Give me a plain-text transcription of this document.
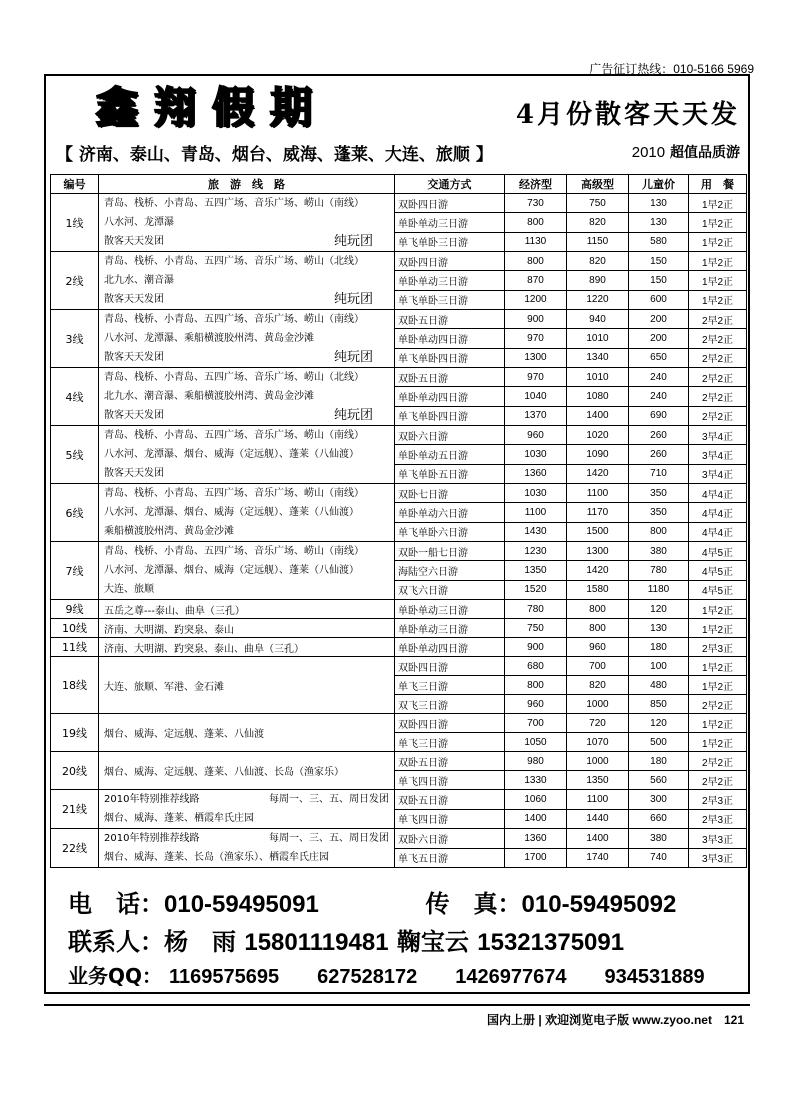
广告征订热线：010-5166 5969
鑫翔假期	4月份散客天天发
【 济南、泰山、青岛、烟台、威海、蓬莱、大连、旅顺 】	2010 超值品质游
编号	旅　游　线　路	交通方式	经济型	高级型	儿童价	用　餐
1线	青岛、栈桥、小青岛、五四广场、音乐广场、崂山（南线）
八水河、龙潭瀑
散客天天发团 纯玩团	双卧四日游	730	750	130	1早2正
		单卧单动三日游	800	820	130	1早2正
		单飞单卧三日游	1130	1150	580	1早2正
2线	青岛、栈桥、小青岛、五四广场、音乐广场、崂山（北线）
北九水、潮音瀑
散客天天发团 纯玩团	双卧四日游	800	820	150	1早2正
		单卧单动三日游	870	890	150	1早2正
		单飞单卧三日游	1200	1220	600	1早2正
3线	青岛、栈桥、小青岛、五四广场、音乐广场、崂山（南线）
八水河、龙潭瀑、乘船横渡胶州湾、黄岛金沙滩
散客天天发团 纯玩团	双卧五日游	900	940	200	2早2正
		单卧单动四日游	970	1010	200	2早2正
		单飞单卧四日游	1300	1340	650	2早2正
4线	青岛、栈桥、小青岛、五四广场、音乐广场、崂山（北线）
北九水、潮音瀑、乘船横渡胶州湾、黄岛金沙滩
散客天天发团 纯玩团	双卧五日游	970	1010	240	2早2正
		单卧单动四日游	1040	1080	240	2早2正
		单飞单卧四日游	1370	1400	690	2早2正
5线	青岛、栈桥、小青岛、五四广场、音乐广场、崂山（南线）
八水河、龙潭瀑、烟台、威海（定远舰）、蓬莱（八仙渡）
散客天天发团	双卧六日游	960	1020	260	3早4正
		单卧单动五日游	1030	1090	260	3早4正
		单飞单卧五日游	1360	1420	710	3早4正
6线	青岛、栈桥、小青岛、五四广场、音乐广场、崂山（南线）
八水河、龙潭瀑、烟台、威海（定远舰）、蓬莱（八仙渡）
乘船横渡胶州湾、黄岛金沙滩	双卧七日游	1030	1100	350	4早4正
		单卧单动六日游	1100	1170	350	4早4正
		单飞单卧六日游	1430	1500	800	4早4正
7线	青岛、栈桥、小青岛、五四广场、音乐广场、崂山（南线）
八水河、龙潭瀑、烟台、威海（定远舰）、蓬莱（八仙渡）
大连、旅顺	双卧一船七日游	1230	1300	380	4早5正
		海陆空六日游	1350	1420	780	4早5正
		双飞六日游	1520	1580	1180	4早5正
9线	五岳之尊---泰山、曲阜（三孔）	单卧单动三日游	780	800	120	1早2正
10线	济南、大明湖、趵突泉、泰山	单卧单动三日游	750	800	130	1早2正
11线	济南、大明湖、趵突泉、泰山、曲阜（三孔）	单卧单动四日游	900	960	180	2早3正
18线	大连、旅顺、军港、金石滩	双卧四日游	680	700	100	1早2正
		单飞三日游	800	820	480	1早2正
		双飞三日游	960	1000	850	2早2正
19线	烟台、威海、定远舰、蓬莱、八仙渡	双卧四日游	700	720	120	1早2正
		单飞三日游	1050	1070	500	1早2正
20线	烟台、威海、定远舰、蓬莱、八仙渡、长岛（渔家乐）	双卧五日游	980	1000	180	2早2正
		单飞四日游	1330	1350	560	2早2正
21线	2010年特别推荐线路 每周一、三、五、周日发团
烟台、威海、蓬莱、栖霞牟氏庄园	双卧五日游	1060	1100	300	2早3正
		单飞四日游	1400	1440	660	2早3正
22线	2010年特别推荐线路 每周一、三、五、周日发团
烟台、威海、蓬莱、长岛（渔家乐）、栖霞牟氏庄园	双卧六日游	1360	1400	380	3早3正
		单飞五日游	1700	1740	740	3早3正
电　话：010-59495091	传　真：010-59495092
联系人：杨　雨 15801119481 鞠宝云 15321375091
业务QQ： 1169575695 627528172 1426977674 934531889
国内上册 | 欢迎浏览电子版 www.zyoo.net　121
